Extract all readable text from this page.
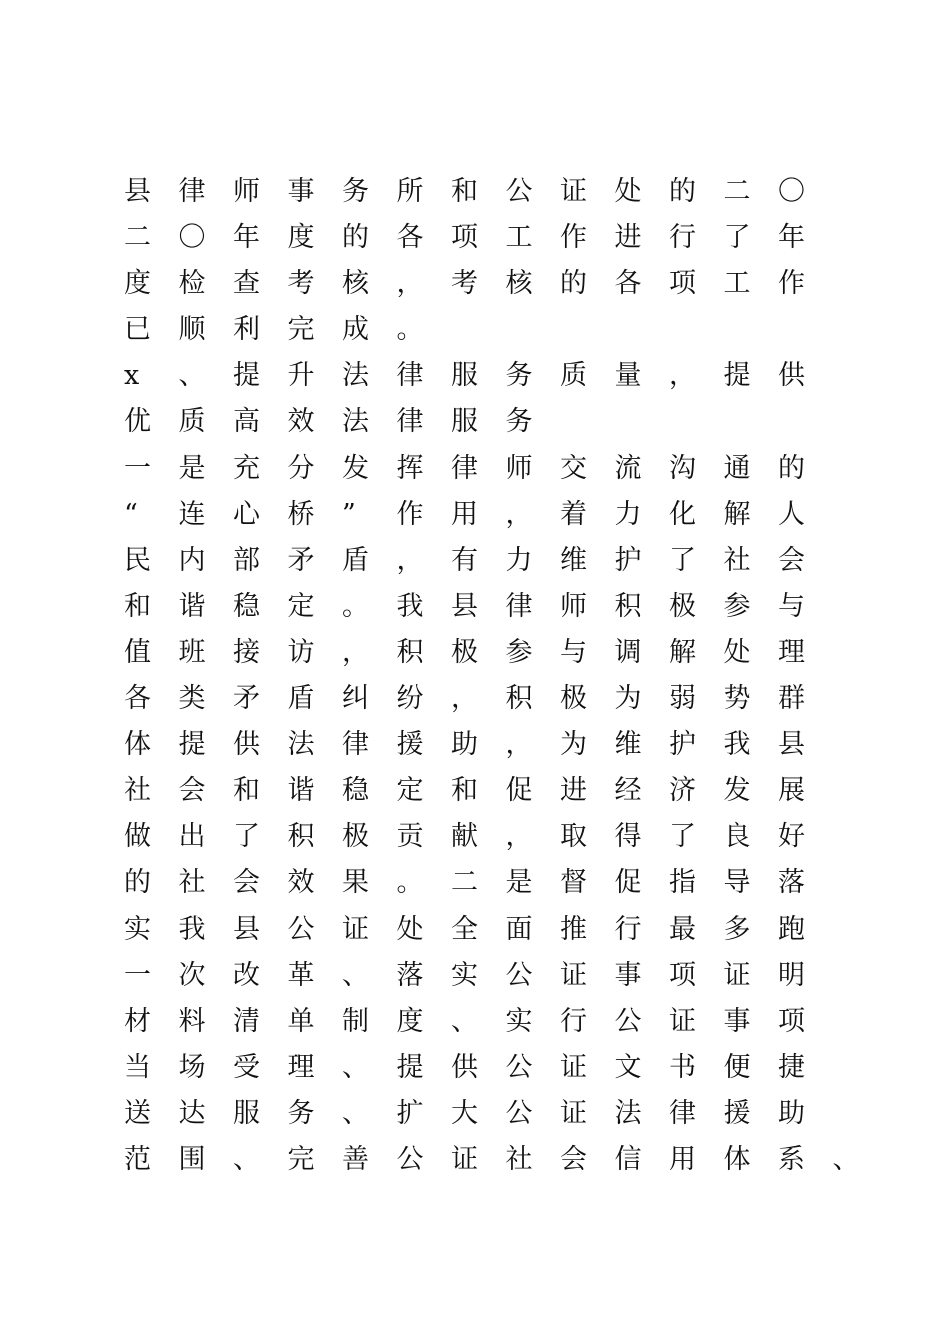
县	律	师	事	务	所	和	公	证	处	的	二	〇
二	〇	年	度	的	各	项	工	作	进	行	了	年
度	检	查	考	核	，	考	核	的	各	项	工	作
已	顺	利	完	成	。
x	、	提	升	法	律	服	务	质	量	，	提	供
优	质	高	效	法	律	服	务
一	是	充	分	发	挥	律	师	交	流	沟	通	的
“	连	心	桥	”	作	用	，	着	力	化	解	人
民	内	部	矛	盾	，	有	力	维	护	了	社	会
和	谐	稳	定	。	我	县	律	师	积	极	参	与
值	班	接	访	，	积	极	参	与	调	解	处	理
各	类	矛	盾	纠	纷	，	积	极	为	弱	势	群
体	提	供	法	律	援	助	，	为	维	护	我	县
社	会	和	谐	稳	定	和	促	进	经	济	发	展
做	出	了	积	极	贡	献	，	取	得	了	良	好
的	社	会	效	果	。	二	是	督	促	指	导	落
实	我	县	公	证	处	全	面	推	行	最	多	跑
一	次	改	革	、	落	实	公	证	事	项	证	明
材	料	清	单	制	度	、	实	行	公	证	事	项
当	场	受	理	、	提	供	公	证	文	书	便	捷
送	达	服	务	、	扩	大	公	证	法	律	援	助
范	围	、	完	善	公	证	社	会	信	用	体	系	、
